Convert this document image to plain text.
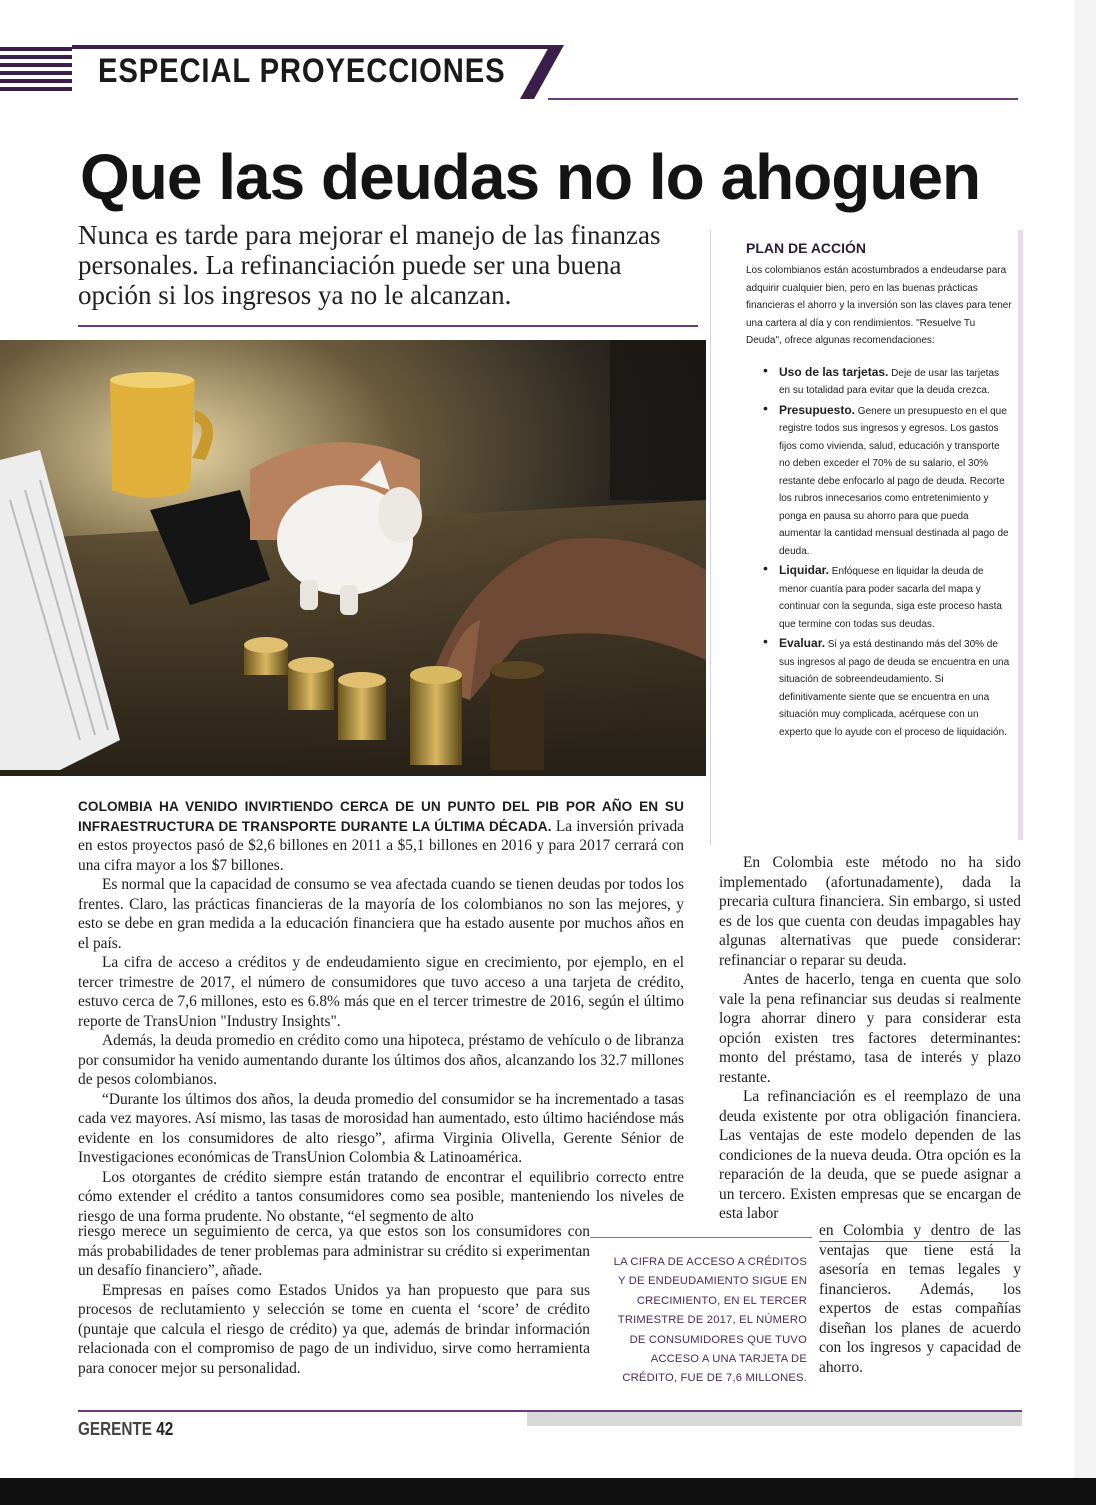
ESPECIAL PROYECCIONES
Que las deudas no lo ahoguen
Nunca es tarde para mejorar el manejo de las finanzas personales. La refinanciación puede ser una buena opción si los ingresos ya no le alcanzan.
PLAN DE ACCIÓN
Los colombianos están acostumbrados a endeudarse para adquirir cualquier bien, pero en las buenas prácticas financieras el ahorro y la inversión son las claves para tener una cartera al día y con rendimientos. "Resuelve Tu Deuda", ofrece algunas recomendaciones:
• Uso de las tarjetas. Deje de usar las tarjetas en su totalidad para evitar que la deuda crezca.
• Presupuesto. Genere un presupuesto en el que registre todos sus ingresos y egresos. Los gastos fijos como vivienda, salud, educación y transporte no deben exceder el 70% de su salario, el 30% restante debe enfocarlo al pago de deuda. Recorte los rubros innecesarios como entretenimiento y ponga en pausa su ahorro para que pueda aumentar la cantidad mensual destinada al pago de deuda.
• Liquidar. Enfóquese en liquidar la deuda de menor cuantía para poder sacarla del mapa y continuar con la segunda, siga este proceso hasta que termine con todas sus deudas.
• Evaluar. Si ya está destinando más del 30% de sus ingresos al pago de deuda se encuentra en una situación de sobreendeudamiento. Si definitivamente siente que se encuentra en una situación muy complicada, acérquese con un experto que lo ayude con el proceso de liquidación.

COLOMBIA HA VENIDO INVIRTIENDO CERCA DE UN PUNTO DEL PIB POR AÑO EN SU INFRAESTRUCTURA DE TRANSPORTE DURANTE LA ÚLTIMA DÉCADA. La inversión privada en estos proyectos pasó de $2,6 billones en 2011 a $5,1 billones en 2016 y para 2017 cerrará con una cifra mayor a los $7 billones.

Es normal que la capacidad de consumo se vea afectada cuando se tienen deudas por todos los frentes. Claro, las prácticas financieras de la mayoría de los colombianos no son las mejores, y esto se debe en gran medida a la educación financiera que ha estado ausente por muchos años en el país.

La cifra de acceso a créditos y de endeudamiento sigue en crecimiento, por ejemplo, en el tercer trimestre de 2017, el número de consumidores que tuvo acceso a una tarjeta de crédito, estuvo cerca de 7,6 millones, esto es 6.8% más que en el tercer trimestre de 2016, según el último reporte de TransUnion "Industry Insights".

Además, la deuda promedio en crédito como una hipoteca, préstamo de vehículo o de libranza por consumidor ha venido aumentando durante los últimos dos años, alcanzando los 32.7 millones de pesos colombianos.

“Durante los últimos dos años, la deuda promedio del consumidor se ha incrementado a tasas cada vez mayores. Así mismo, las tasas de morosidad han aumentado, esto último haciéndose más evidente en los consumidores de alto riesgo”, afirma Virginia Olivella, Gerente Sénior de Investigaciones económicas de TransUnion Colombia & Latinoamérica.

Los otorgantes de crédito siempre están tratando de encontrar el equilibrio correcto entre cómo extender el crédito a tantos consumidores como sea posible, manteniendo los niveles de riesgo de una forma prudente. No obstante, “el segmento de alto

riesgo merece un seguimiento de cerca, ya que estos son los consumidores con más probabilidades de tener problemas para administrar su crédito si experimentan un desafío financiero”, añade.

Empresas en países como Estados Unidos ya han propuesto que para sus procesos de reclutamiento y selección se tome en cuenta el ‘score’ de crédito (puntaje que calcula el riesgo de crédito) ya que, además de brindar información relacionada con el compromiso de pago de un individuo, sirve como herramienta para conocer mejor su personalidad.

LA CIFRA DE ACCESO A CRÉDITOS Y DE ENDEUDAMIENTO SIGUE EN CRECIMIENTO, EN EL TERCER TRIMESTRE DE 2017, EL NÚMERO DE CONSUMIDORES QUE TUVO ACCESO A UNA TARJETA DE CRÉDITO, FUE DE 7,6 MILLONES.

En Colombia este método no ha sido implementado (afortunadamente), dada la precaria cultura financiera. Sin embargo, si usted es de los que cuenta con deudas impagables hay algunas alternativas que puede considerar: refinanciar o reparar su deuda.

Antes de hacerlo, tenga en cuenta que solo vale la pena refinanciar sus deudas si realmente logra ahorrar dinero y para considerar esta opción existen tres factores determinantes: monto del préstamo, tasa de interés y plazo restante.

La refinanciación es el reemplazo de una deuda existente por otra obligación financiera. Las ventajas de este modelo dependen de las condiciones de la nueva deuda. Otra opción es la reparación de la deuda, que se puede asignar a un tercero. Existen empresas que se encargan de esta labor

en Colombia y dentro de las ventajas que tiene está la asesoría en temas legales y financieros. Además, los expertos de estas compañías diseñan los planes de acuerdo con los ingresos y capacidad de ahorro.

GERENTE 42
